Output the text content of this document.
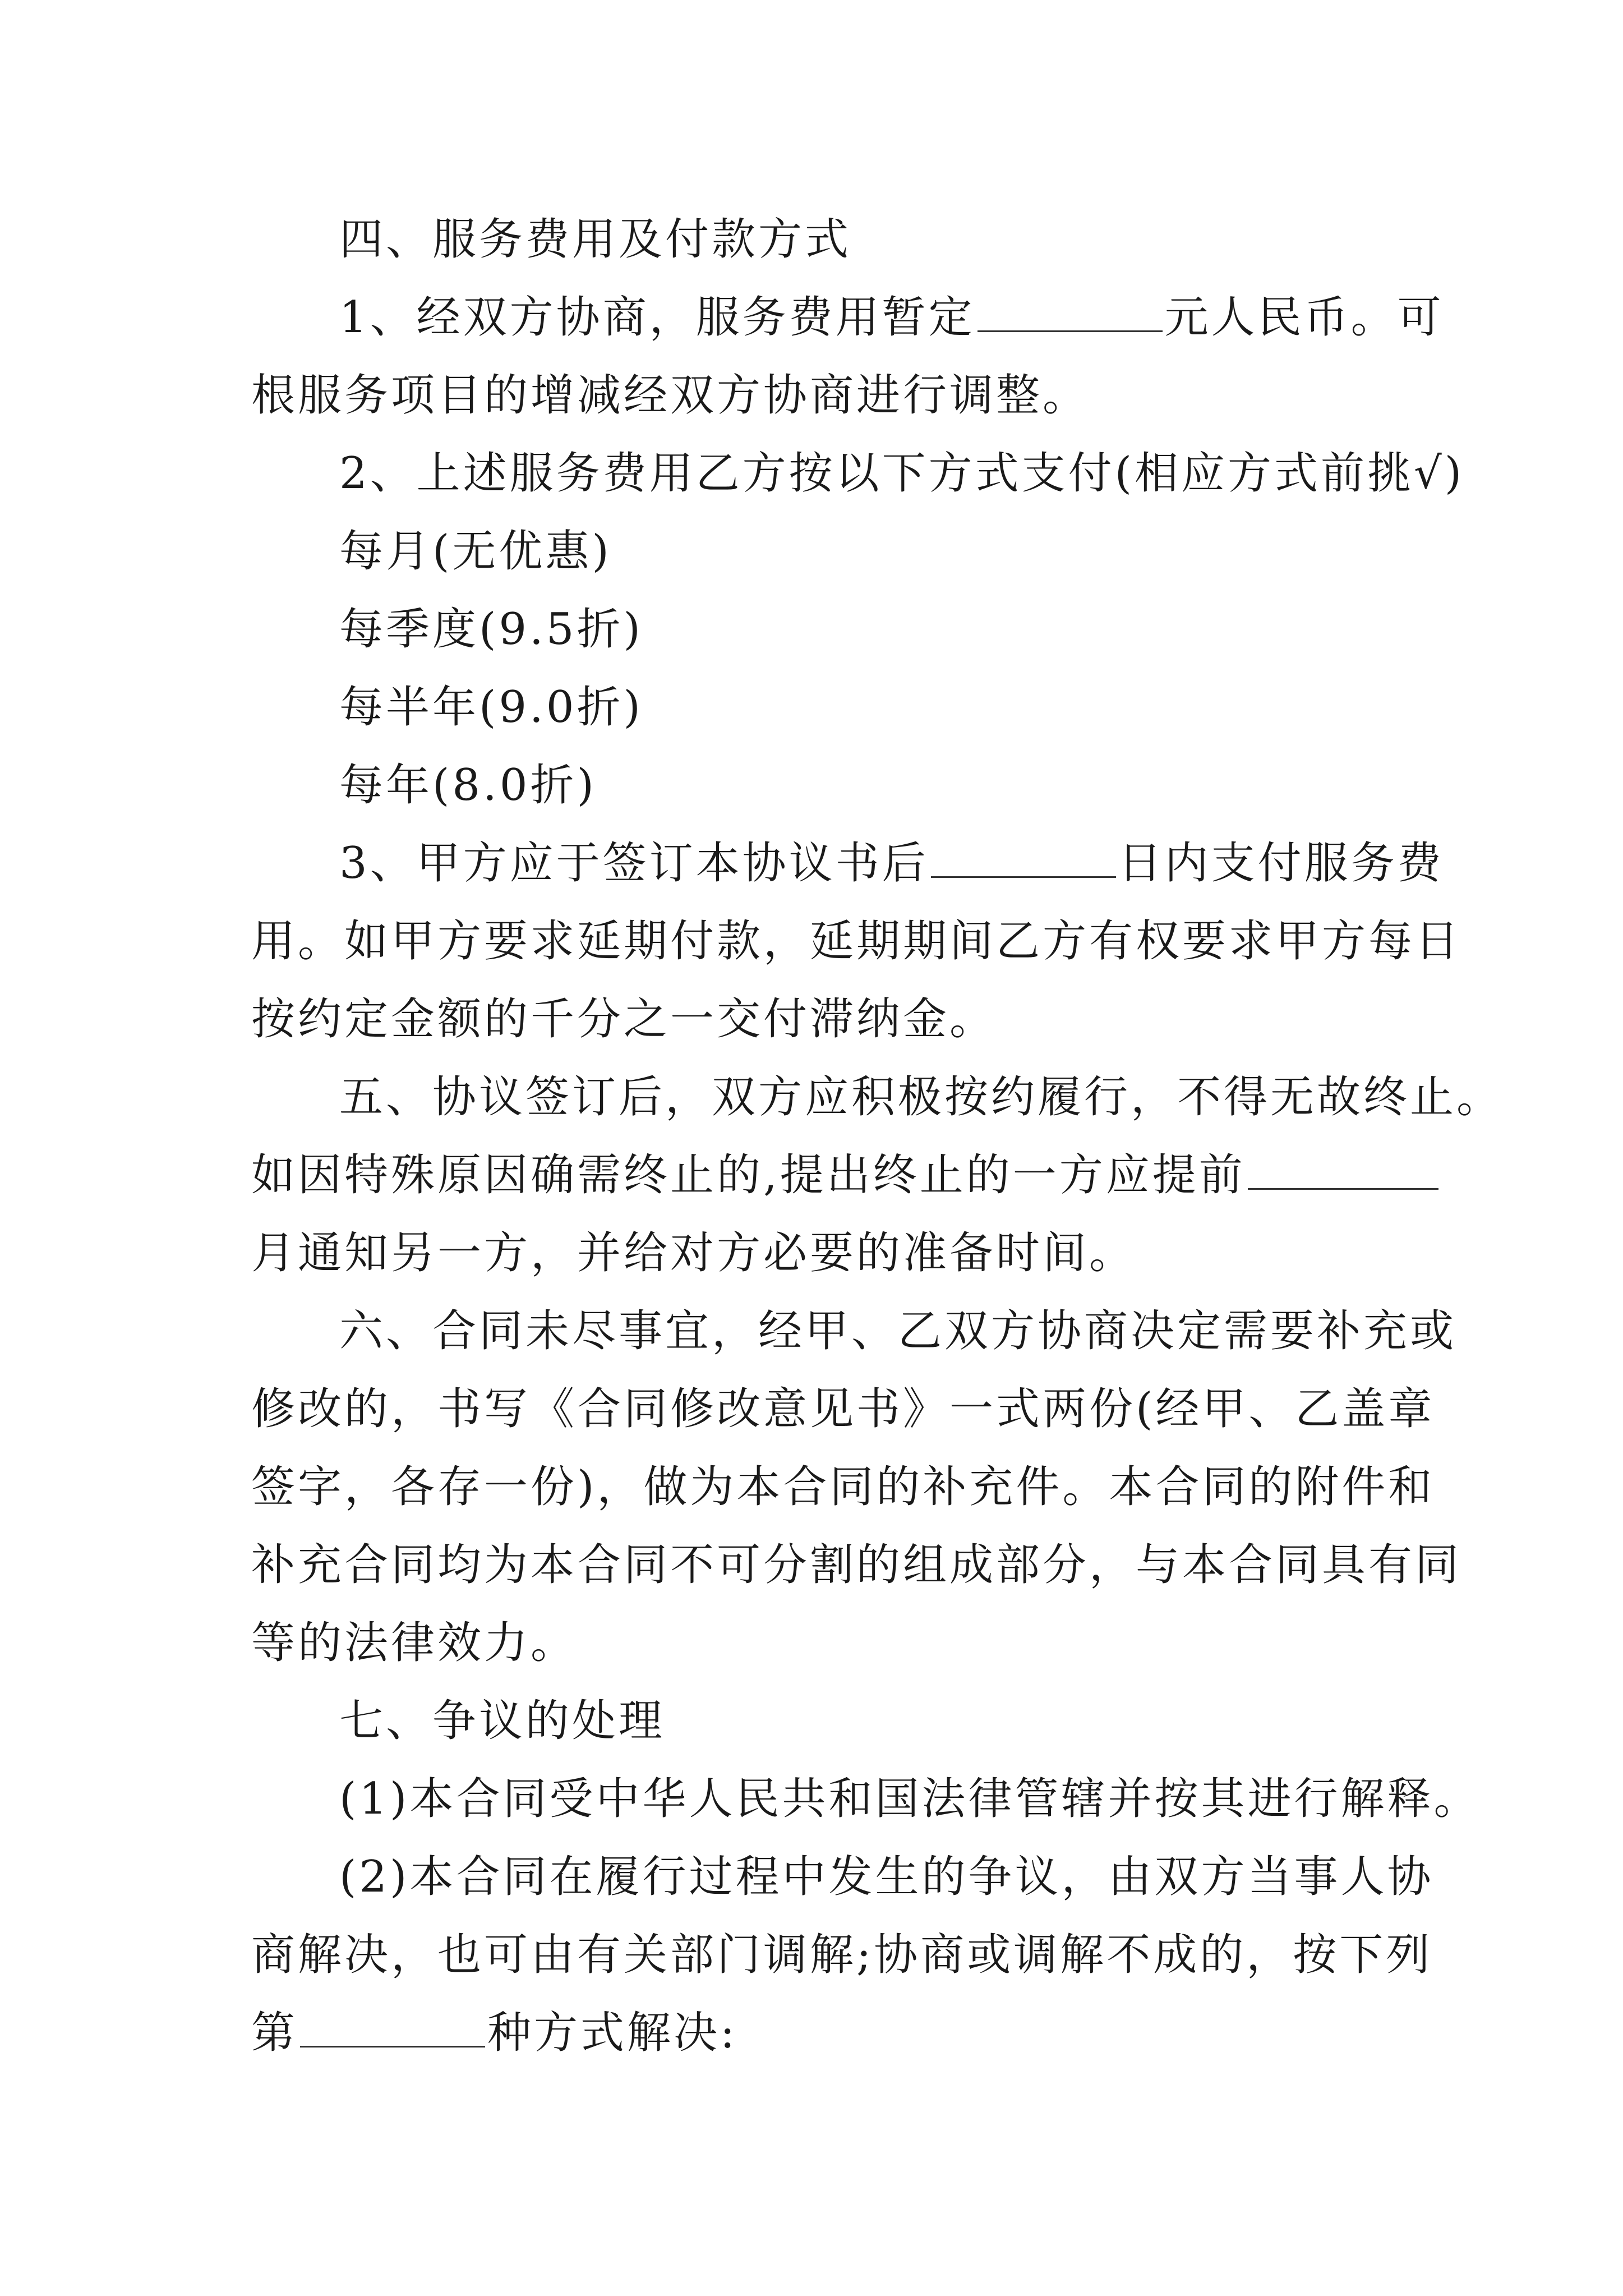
四、服务费用及付款方式
1、经双方协商，服务费用暂定	元人民币。可
根服务项目的增减经双方协商进行调整。
2、上述服务费用乙方按以下方式支付(相应方式前挑√)
每月(无优惠)
每季度(9.5折)
每半年(9.0折)
每年(8.0折)
3、甲方应于签订本协议书后	日内支付服务费
用。如甲方要求延期付款，延期期间乙方有权要求甲方每日
按约定金额的千分之一交付滞纳金。
五、协议签订后，双方应积极按约履行，不得无故终止。
如因特殊原因确需终止的,提出终止的一方应提前
月通知另一方，并给对方必要的准备时间。
六、合同未尽事宜，经甲、乙双方协商决定需要补充或
修改的，书写《合同修改意见书》一式两份(经甲、乙盖章
签字，各存一份)，做为本合同的补充件。本合同的附件和
补充合同均为本合同不可分割的组成部分，与本合同具有同
等的法律效力。
七、争议的处理
(1)本合同受中华人民共和国法律管辖并按其进行解释。
(2)本合同在履行过程中发生的争议，由双方当事人协
商解决，也可由有关部门调解;协商或调解不成的，按下列
第	种方式解决:
